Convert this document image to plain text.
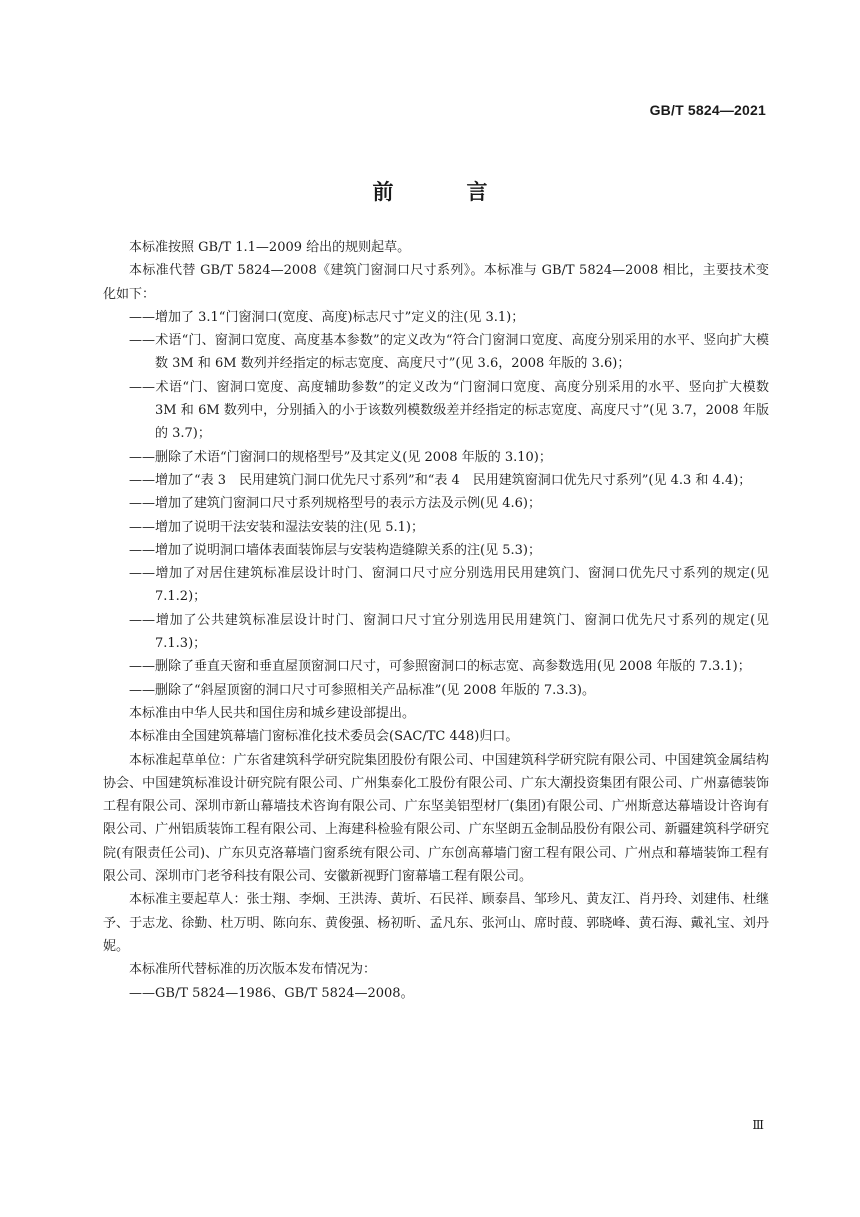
GB/T 5824—2021
前　言

本标准按照 GB/T 1.1—2009 给出的规则起草。

本标准代替 GB/T 5824—2008《建筑门窗洞口尺寸系列》。本标准与 GB/T 5824—2008 相比，主要技术变化如下：

——增加了 3.1“门窗洞口(宽度、高度)标志尺寸”定义的注(见 3.1)；

——术语“门、窗洞口宽度、高度基本参数”的定义改为“符合门窗洞口宽度、高度分别采用的水平、竖向扩大模数 3M 和 6M 数列并经指定的标志宽度、高度尺寸”(见 3.6，2008 年版的 3.6)；

——术语“门、窗洞口宽度、高度辅助参数”的定义改为“门窗洞口宽度、高度分别采用的水平、竖向扩大模数 3M 和 6M 数列中，分别插入的小于该数列模数级差并经指定的标志宽度、高度尺寸”(见 3.7，2008 年版的 3.7)；

——删除了术语“门窗洞口的规格型号”及其定义(见 2008 年版的 3.10)；

——增加了“表 3　民用建筑门洞口优先尺寸系列”和“表 4　民用建筑窗洞口优先尺寸系列”(见 4.3 和 4.4)；

——增加了建筑门窗洞口尺寸系列规格型号的表示方法及示例(见 4.6)；

——增加了说明干法安装和湿法安装的注(见 5.1)；

——增加了说明洞口墙体表面装饰层与安装构造缝隙关系的注(见 5.3)；

——增加了对居住建筑标准层设计时门、窗洞口尺寸应分别选用民用建筑门、窗洞口优先尺寸系列的规定(见 7.1.2)；

——增加了公共建筑标准层设计时门、窗洞口尺寸宜分别选用民用建筑门、窗洞口优先尺寸系列的规定(见 7.1.3)；

——删除了垂直天窗和垂直屋顶窗洞口尺寸，可参照窗洞口的标志宽、高参数选用(见 2008 年版的 7.3.1)；

——删除了“斜屋顶窗的洞口尺寸可参照相关产品标准”(见 2008 年版的 7.3.3)。

本标准由中华人民共和国住房和城乡建设部提出。

本标准由全国建筑幕墙门窗标准化技术委员会(SAC/TC 448)归口。

本标准起草单位：广东省建筑科学研究院集团股份有限公司、中国建筑科学研究院有限公司、中国建筑金属结构协会、中国建筑标准设计研究院有限公司、广州集泰化工股份有限公司、广东大潮投资集团有限公司、广州嘉德装饰工程有限公司、深圳市新山幕墙技术咨询有限公司、广东坚美铝型材厂(集团)有限公司、广州斯意达幕墙设计咨询有限公司、广州铝质装饰工程有限公司、上海建科检验有限公司、广东坚朗五金制品股份有限公司、新疆建筑科学研究院(有限责任公司)、广东贝克洛幕墙门窗系统有限公司、广东创高幕墙门窗工程有限公司、广州点和幕墙装饰工程有限公司、深圳市门老爷科技有限公司、安徽新视野门窗幕墙工程有限公司。

本标准主要起草人：张士翔、李炯、王洪涛、黄圻、石民祥、顾泰昌、邹珍凡、黄友江、肖丹玲、刘建伟、杜继予、于志龙、徐勤、杜万明、陈向东、黄俊强、杨初昕、孟凡东、张河山、席时葭、郭晓峰、黄石海、戴礼宝、刘丹妮。

本标准所代替标准的历次版本发布情况为：

——GB/T 5824—1986、GB/T 5824—2008。

Ⅲ
